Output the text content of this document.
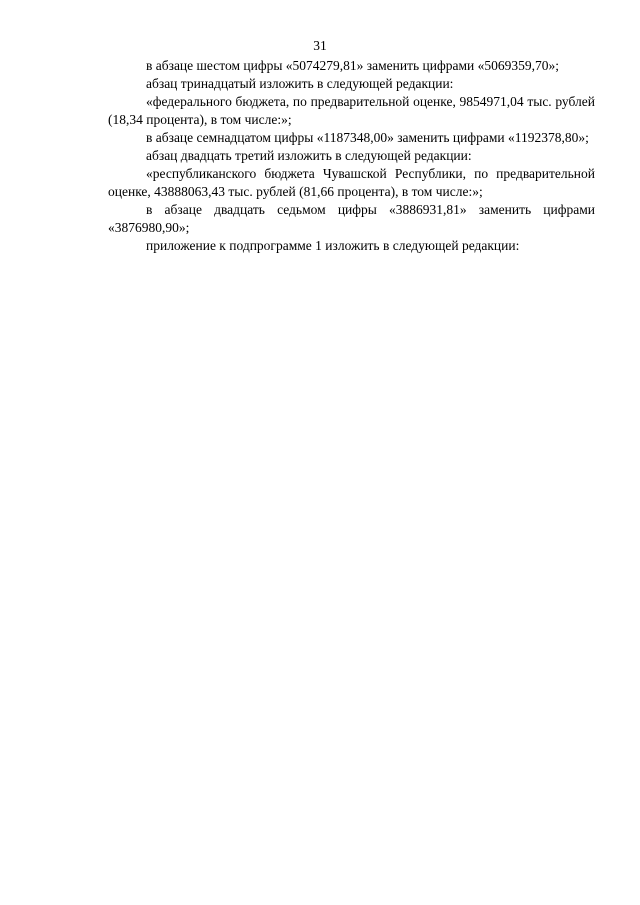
31

в абзаце шестом цифры «5074279,81» заменить цифрами «5069359,70»;

абзац тринадцатый изложить в следующей редакции:

«федерального бюджета, по предварительной оценке, 9854971,04 тыс. рублей (18,34 процента), в том числе:»;

в абзаце семнадцатом цифры «1187348,00» заменить цифрами «1192378,80»;

абзац двадцать третий изложить в следующей редакции:

«республиканского бюджета Чувашской Республики, по предварительной оценке, 43888063,43 тыс. рублей (81,66 процента), в том числе:»;

в абзаце двадцать седьмом цифры «3886931,81» заменить цифрами «3876980,90»;

приложение к подпрограмме 1 изложить в следующей редакции:
